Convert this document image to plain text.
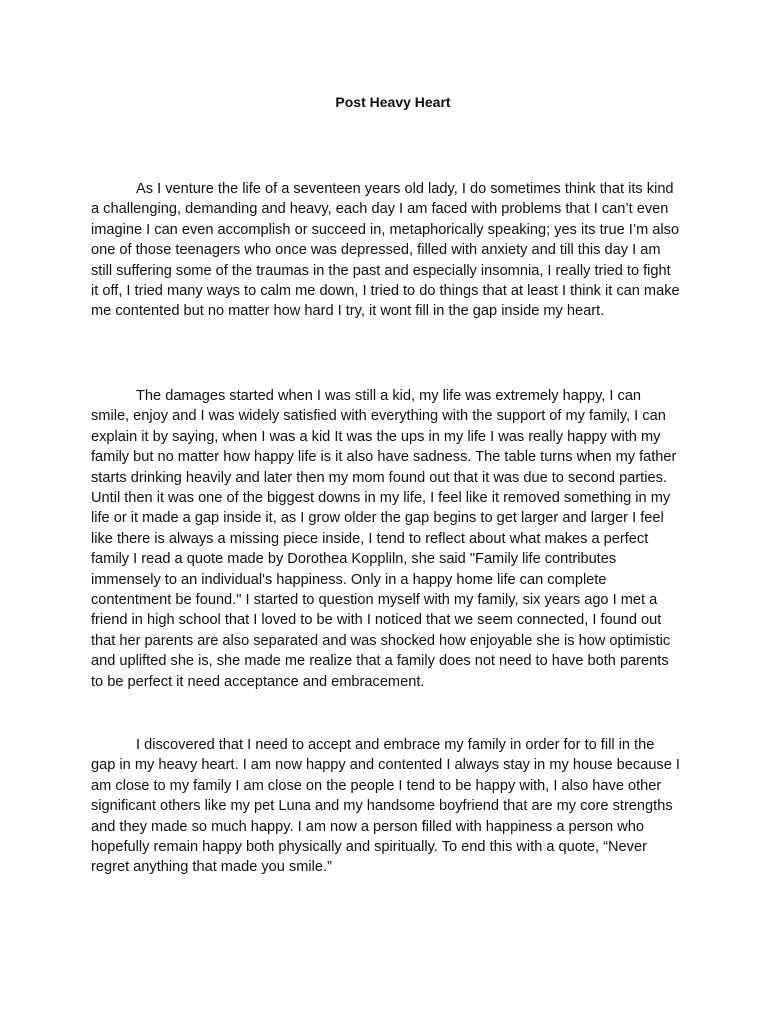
Post Heavy Heart

As I venture the life of a seventeen years old lady, I do sometimes think that its kind a challenging, demanding and heavy, each day I am faced with problems that I can’t even imagine I can even accomplish or succeed in, metaphorically speaking; yes its true I’m also one of those teenagers who once was depressed, filled with anxiety and till this day I am still suffering some of the traumas in the past and especially insomnia, I really tried to fight it off, I tried many ways to calm me down, I tried to do things that at least I think it can make me contented but no matter how hard I try, it wont fill in the gap inside my heart.

The damages started when I was still a kid, my life was extremely happy, I can smile, enjoy and I was widely satisfied with everything with the support of my family, I can explain it by saying, when I was a kid It was the ups in my life I was really happy with my family but no matter how happy life is it also have sadness. The table turns when my father starts drinking heavily and later then my mom found out that it was due to second parties. Until then it was one of the biggest downs in my life, I feel like it removed something in my life or it made a gap inside it, as I grow older the gap begins to get larger and larger I feel like there is always a missing piece inside, I tend to reflect about what makes a perfect family I read a quote made by Dorothea Kopplіln, she said "Family life contributes immensely to an individual's happiness. Only in a happy home life can complete contentment be found." I started to question myself with my family, six years ago I met a friend in high school that I loved to be with I noticed that we seem connected, I found out that her parents are also separated and was shocked how enjoyable she is how optimistic and uplifted she is, she made me realize that a family does not need to have both parents to be perfect it need acceptance and embracement.

I discovered that I need to accept and embrace my family in order for to fill in the gap in my heavy heart. I am now happy and contented I always stay in my house because I am close to my family I am close on the people I tend to be happy with, I also have other significant others like my pet Luna and my handsome boyfriend that are my core strengths and they made so much happy. I am now a person filled with happiness a person who hopefully remain happy both physically and spiritually. To end this with a quote, “Never regret anything that made you smile.”
